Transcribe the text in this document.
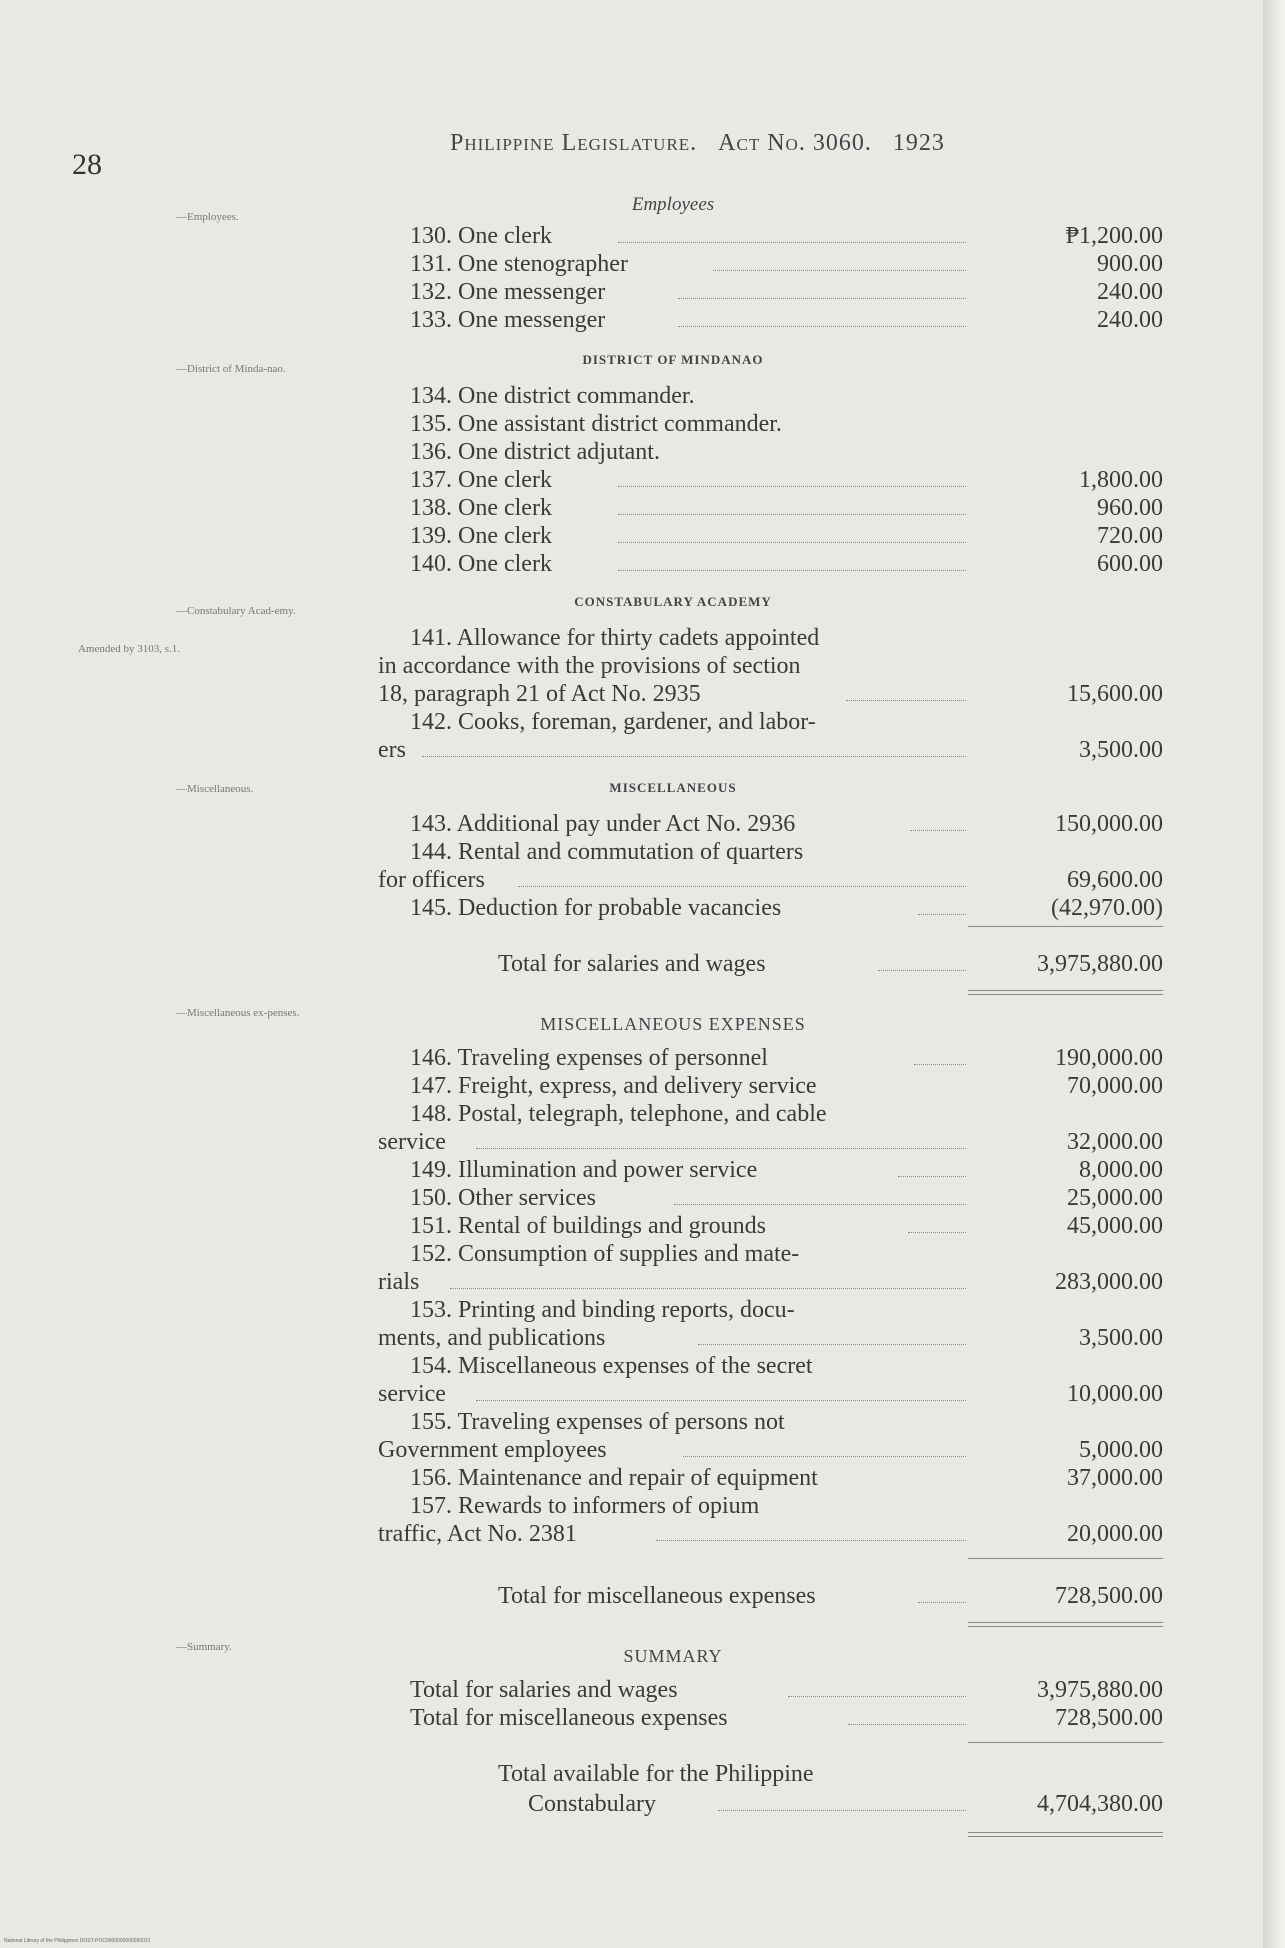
28
Philippine Legislature. Act No. 3060. 1923
—Employees.
—District of Minda-nao.
—Constabulary Acad-emy.
Amended by 3103, s.1.
—Miscellaneous.
—Miscellaneous ex-penses.
—Summary.
Employees
130. One clerk	₱1,200.00
131. One stenographer	900.00
132. One messenger	240.00
133. One messenger	240.00
DISTRICT OF MINDANAO
134. One district commander.
135. One assistant district commander.
136. One district adjutant.
137. One clerk	1,800.00
138. One clerk	960.00
139. One clerk	720.00
140. One clerk	600.00
CONSTABULARY ACADEMY
141. Allowance for thirty cadets appointed
in accordance with the provisions of section
18, paragraph 21 of Act No. 2935	15,600.00
142. Cooks, foreman, gardener, and labor-
ers	3,500.00
MISCELLANEOUS
143. Additional pay under Act No. 2936	150,000.00
144. Rental and commutation of quarters
for officers	69,600.00
145. Deduction for probable vacancies	(42,970.00)
Total for salaries and wages	3,975,880.00
MISCELLANEOUS EXPENSES
146. Traveling expenses of personnel	190,000.00
147. Freight, express, and delivery service	70,000.00
148. Postal, telegraph, telephone, and cable
service	32,000.00
149. Illumination and power service	8,000.00
150. Other services	25,000.00
151. Rental of buildings and grounds	45,000.00
152. Consumption of supplies and mate-
rials	283,000.00
153. Printing and binding reports, docu-
ments, and publications	3,500.00
154. Miscellaneous expenses of the secret
service	10,000.00
155. Traveling expenses of persons not
Government employees	5,000.00
156. Maintenance and repair of equipment	37,000.00
157. Rewards to informers of opium
traffic, Act No. 2381	20,000.00
Total for miscellaneous expenses	728,500.00
SUMMARY
Total for salaries and wages	3,975,880.00
Total for miscellaneous expenses	728,500.00
Total available for the Philippine
Constabulary	4,704,380.00
National Library of the Philippines DOST-POC0000000000050031
